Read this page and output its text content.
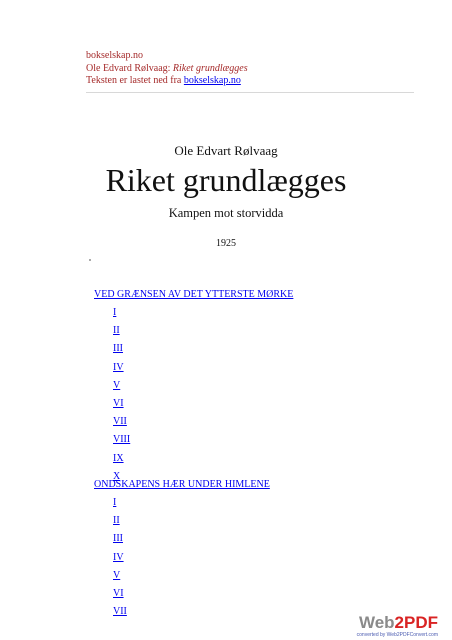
bokselskap.no
Ole Edvard Rølvaag: Riket grundlægges
Teksten er lastet ned fra bokselskap.no
Ole Edvart Rølvaag
Riket grundlægges
Kampen mot storvidda
1925
VED GRÆNSEN AV DET YTTERSTE MØRKE
I
II
III
IV
V
VI
VII
VIII
IX
X
ONDSKAPENS HÆR UNDER HIMLENE
I
II
III
IV
V
VI
VII
Web2PDF
converted by Web2PDFConvert.com
